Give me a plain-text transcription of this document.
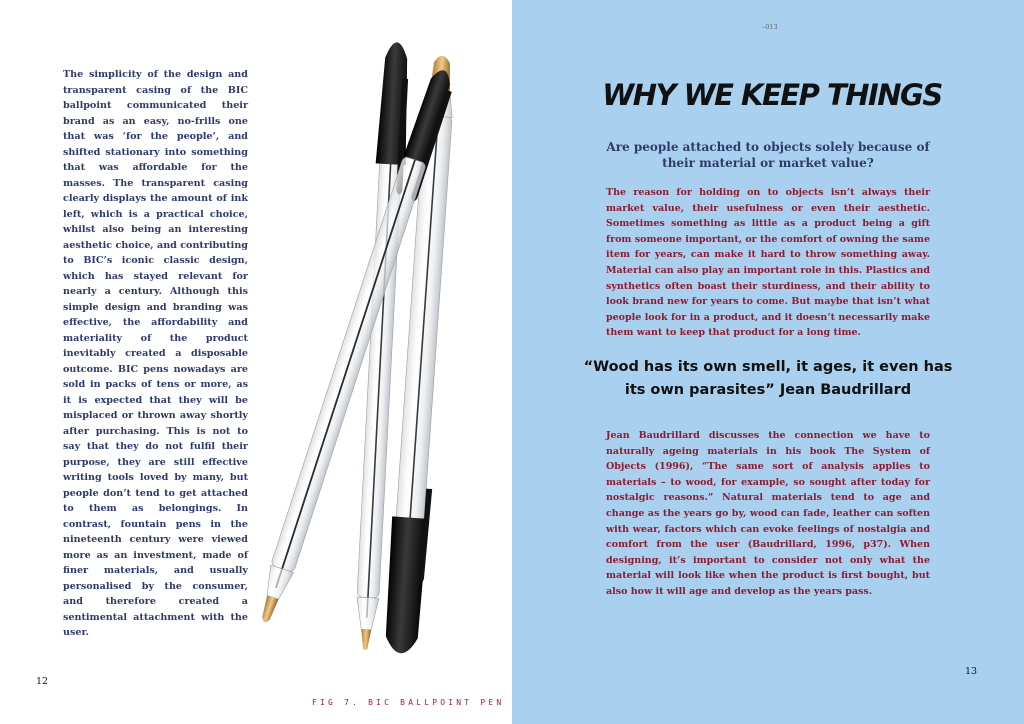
The simplicity of the design and transparent casing of the BIC ballpoint communicated their brand as an easy, no-frills one that was ‘for the people’, and shifted stationary into something that was affordable for the masses. The transparent casing clearly displays the amount of ink left, which is a practical choice, whilst also being an interesting aesthetic choice, and contributing to BIC’s iconic classic design, which has stayed relevant for nearly a century. Although this simple design and branding was effective, the affordability and materiality of the product inevitably created a disposable outcome. BIC pens nowadays are sold in packs of tens or more, as it is expected that they will be misplaced or thrown away shortly after purchasing. This is not to say that they do not fulfil their purpose, they are still effective writing tools loved by many, but people don’t tend to get attached to them as belongings. In contrast, fountain pens in the nineteenth century were viewed more as an investment, made of finer materials, and usually personalised by the consumer, and therefore created a sentimental attachment with the user.

12

FIG 7. BIC BALLPOINT PEN

–013

WHY WE KEEP THINGS

Are people attached to objects solely because of their material or market value?

The reason for holding on to objects isn’t always their market value, their usefulness or even their aesthetic. Sometimes something as little as a product being a gift from someone important, or the comfort of owning the same item for years, can make it hard to throw something away. Material can also play an important role in this. Plastics and synthetics often boast their sturdiness, and their ability to look brand new for years to come. But maybe that isn’t what people look for in a product, and it doesn’t necessarily make them want to keep that product for a long time.

“Wood has its own smell, it ages, it even has its own parasites” Jean Baudrillard

Jean Baudrillard discusses the connection we have to naturally ageing materials in his book The System of Objects (1996), “The same sort of analysis applies to materials – to wood, for example, so sought after today for nostalgic reasons.” Natural materials tend to age and change as the years go by, wood can fade, leather can soften with wear, factors which can evoke feelings of nostalgia and comfort from the user (Baudrillard, 1996, p37). When designing, it’s important to consider not only what the material will look like when the product is first bought, but also how it will age and develop as the years pass.

13
